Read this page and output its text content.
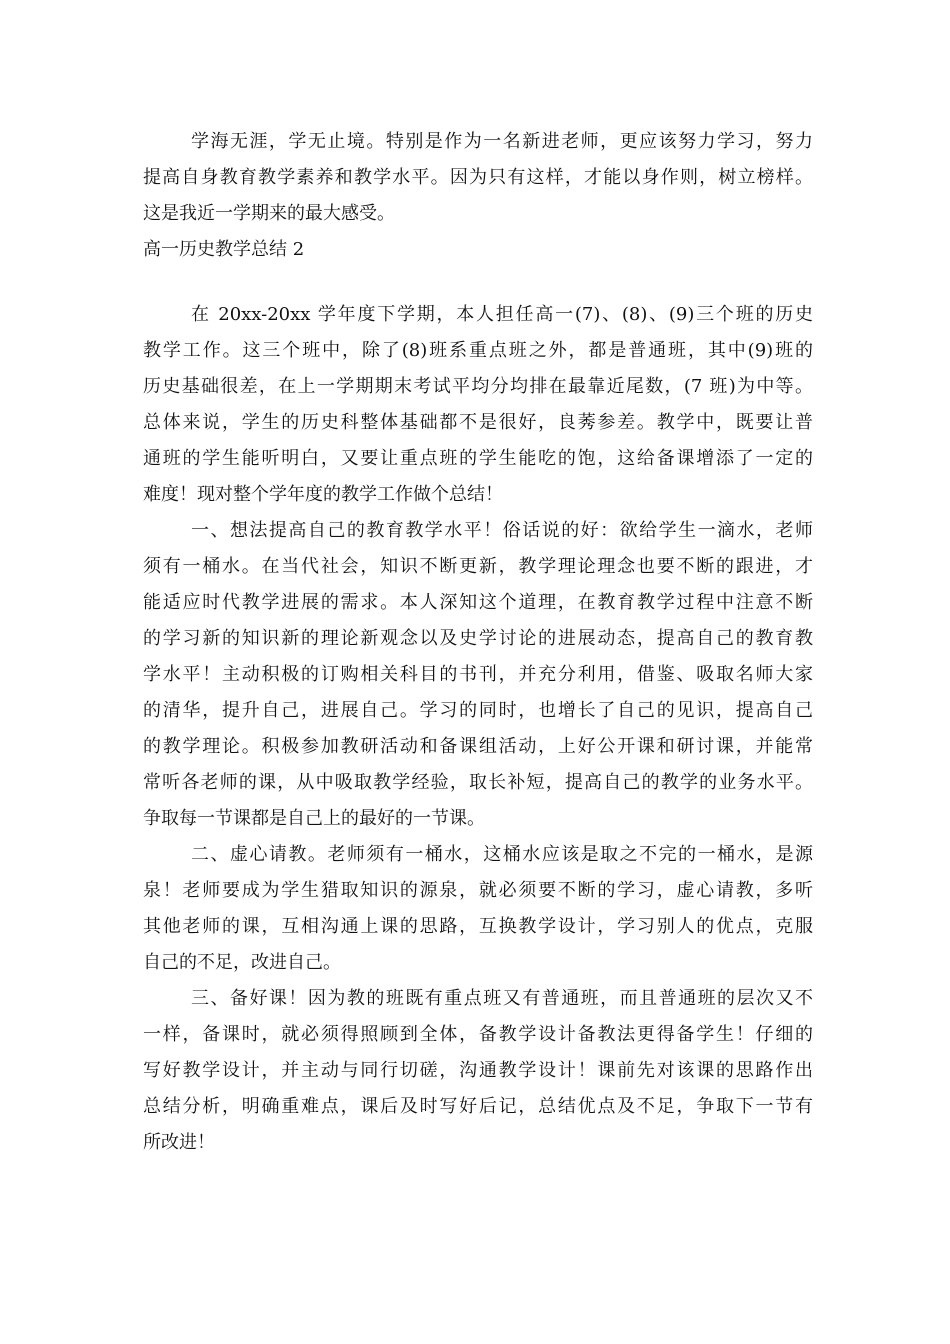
学海无涯，学无止境。特别是作为一名新进老师，更应该努力学习，努力
提高自身教育教学素养和教学水平。因为只有这样，才能以身作则，树立榜样。
这是我近一学期来的最大感受。
高一历史教学总结 2
在 20xx-20xx 学年度下学期，本人担任高一(7)、(8)、(9)三个班的历史
教学工作。这三个班中，除了(8)班系重点班之外，都是普通班，其中(9)班的
历史基础很差，在上一学期期末考试平均分均排在最靠近尾数，(7 班)为中等。
总体来说，学生的历史科整体基础都不是很好，良莠参差。教学中，既要让普
通班的学生能听明白，又要让重点班的学生能吃的饱，这给备课增添了一定的
难度！现对整个学年度的教学工作做个总结！
一、想法提高自己的教育教学水平！俗话说的好：欲给学生一滴水，老师
须有一桶水。在当代社会，知识不断更新，教学理论理念也要不断的跟进，才
能适应时代教学进展的需求。本人深知这个道理，在教育教学过程中注意不断
的学习新的知识新的理论新观念以及史学讨论的进展动态，提高自己的教育教
学水平！主动积极的订购相关科目的书刊，并充分利用，借鉴、吸取名师大家
的清华，提升自己，进展自己。学习的同时，也增长了自己的见识，提高自己
的教学理论。积极参加教研活动和备课组活动，上好公开课和研讨课，并能常
常听各老师的课，从中吸取教学经验，取长补短，提高自己的教学的业务水平。
争取每一节课都是自己上的最好的一节课。
二、虚心请教。老师须有一桶水，这桶水应该是取之不完的一桶水，是源
泉！老师要成为学生猎取知识的源泉，就必须要不断的学习，虚心请教，多听
其他老师的课，互相沟通上课的思路，互换教学设计，学习别人的优点，克服
自己的不足，改进自己。
三、备好课！因为教的班既有重点班又有普通班，而且普通班的层次又不
一样，备课时，就必须得照顾到全体，备教学设计备教法更得备学生！仔细的
写好教学设计，并主动与同行切磋，沟通教学设计！课前先对该课的思路作出
总结分析，明确重难点，课后及时写好后记，总结优点及不足，争取下一节有
所改进！
